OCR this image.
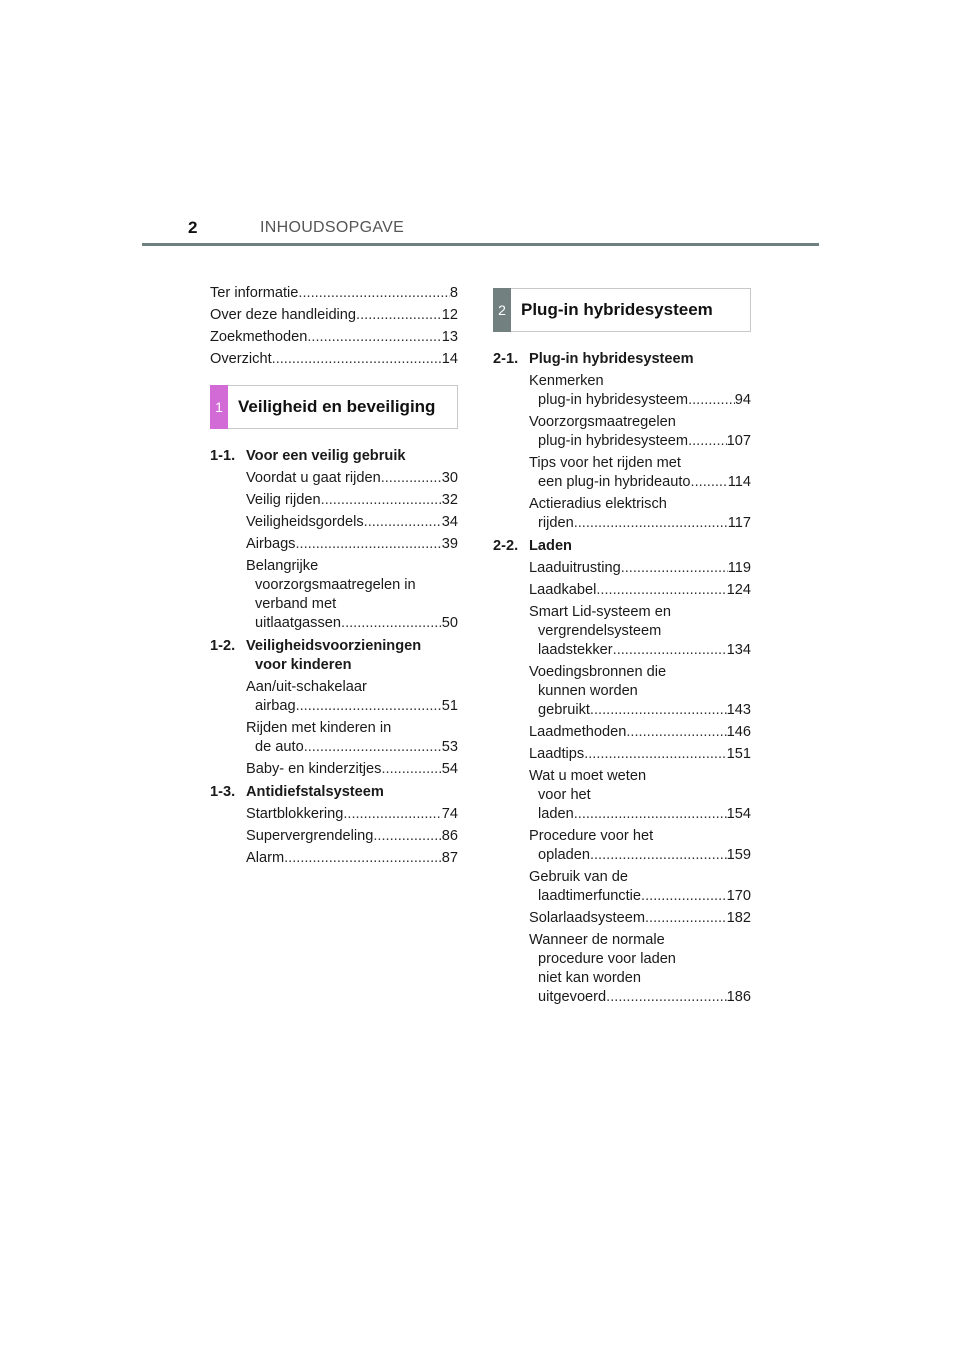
2	INHOUDSOPGAVE
Ter informatie .....	8
Over deze handleiding .....	12
Zoekmethoden .....	13
Overzicht .....	14
1 Veiligheid en beveiliging
1-1. Voor een veilig gebruik
Voordat u gaat rijden .....	30
Veilig rijden .....	32
Veiligheidsgordels .....	34
Airbags .....	39
Belangrijke
voorzorgsmaatregelen in
verband met
uitlaatgassen .....	50
1-2. Veiligheidsvoorzieningen
voor kinderen
Aan/uit-schakelaar
airbag .....	51
Rijden met kinderen in
de auto .....	53
Baby- en kinderzitjes .....	54
1-3. Antidiefstalsysteem
Startblokkering .....	74
Supervergrendeling .....	86
Alarm .....	87
2 Plug-in hybridesysteem
2-1. Plug-in hybridesysteem
Kenmerken
plug-in hybridesysteem .....	94
Voorzorgsmaatregelen
plug-in hybridesysteem .....	107
Tips voor het rijden met
een plug-in hybrideauto .....	114
Actieradius elektrisch
rijden .....	117
2-2. Laden
Laaduitrusting .....	119
Laadkabel .....	124
Smart Lid-systeem en
vergrendelsysteem
laadstekker .....	134
Voedingsbronnen die
kunnen worden
gebruikt .....	143
Laadmethoden .....	146
Laadtips .....	151
Wat u moet weten
voor het
laden .....	154
Procedure voor het
opladen .....	159
Gebruik van de
laadtimerfunctie .....	170
Solarlaadsysteem .....	182
Wanneer de normale
procedure voor laden
niet kan worden
uitgevoerd .....	186
